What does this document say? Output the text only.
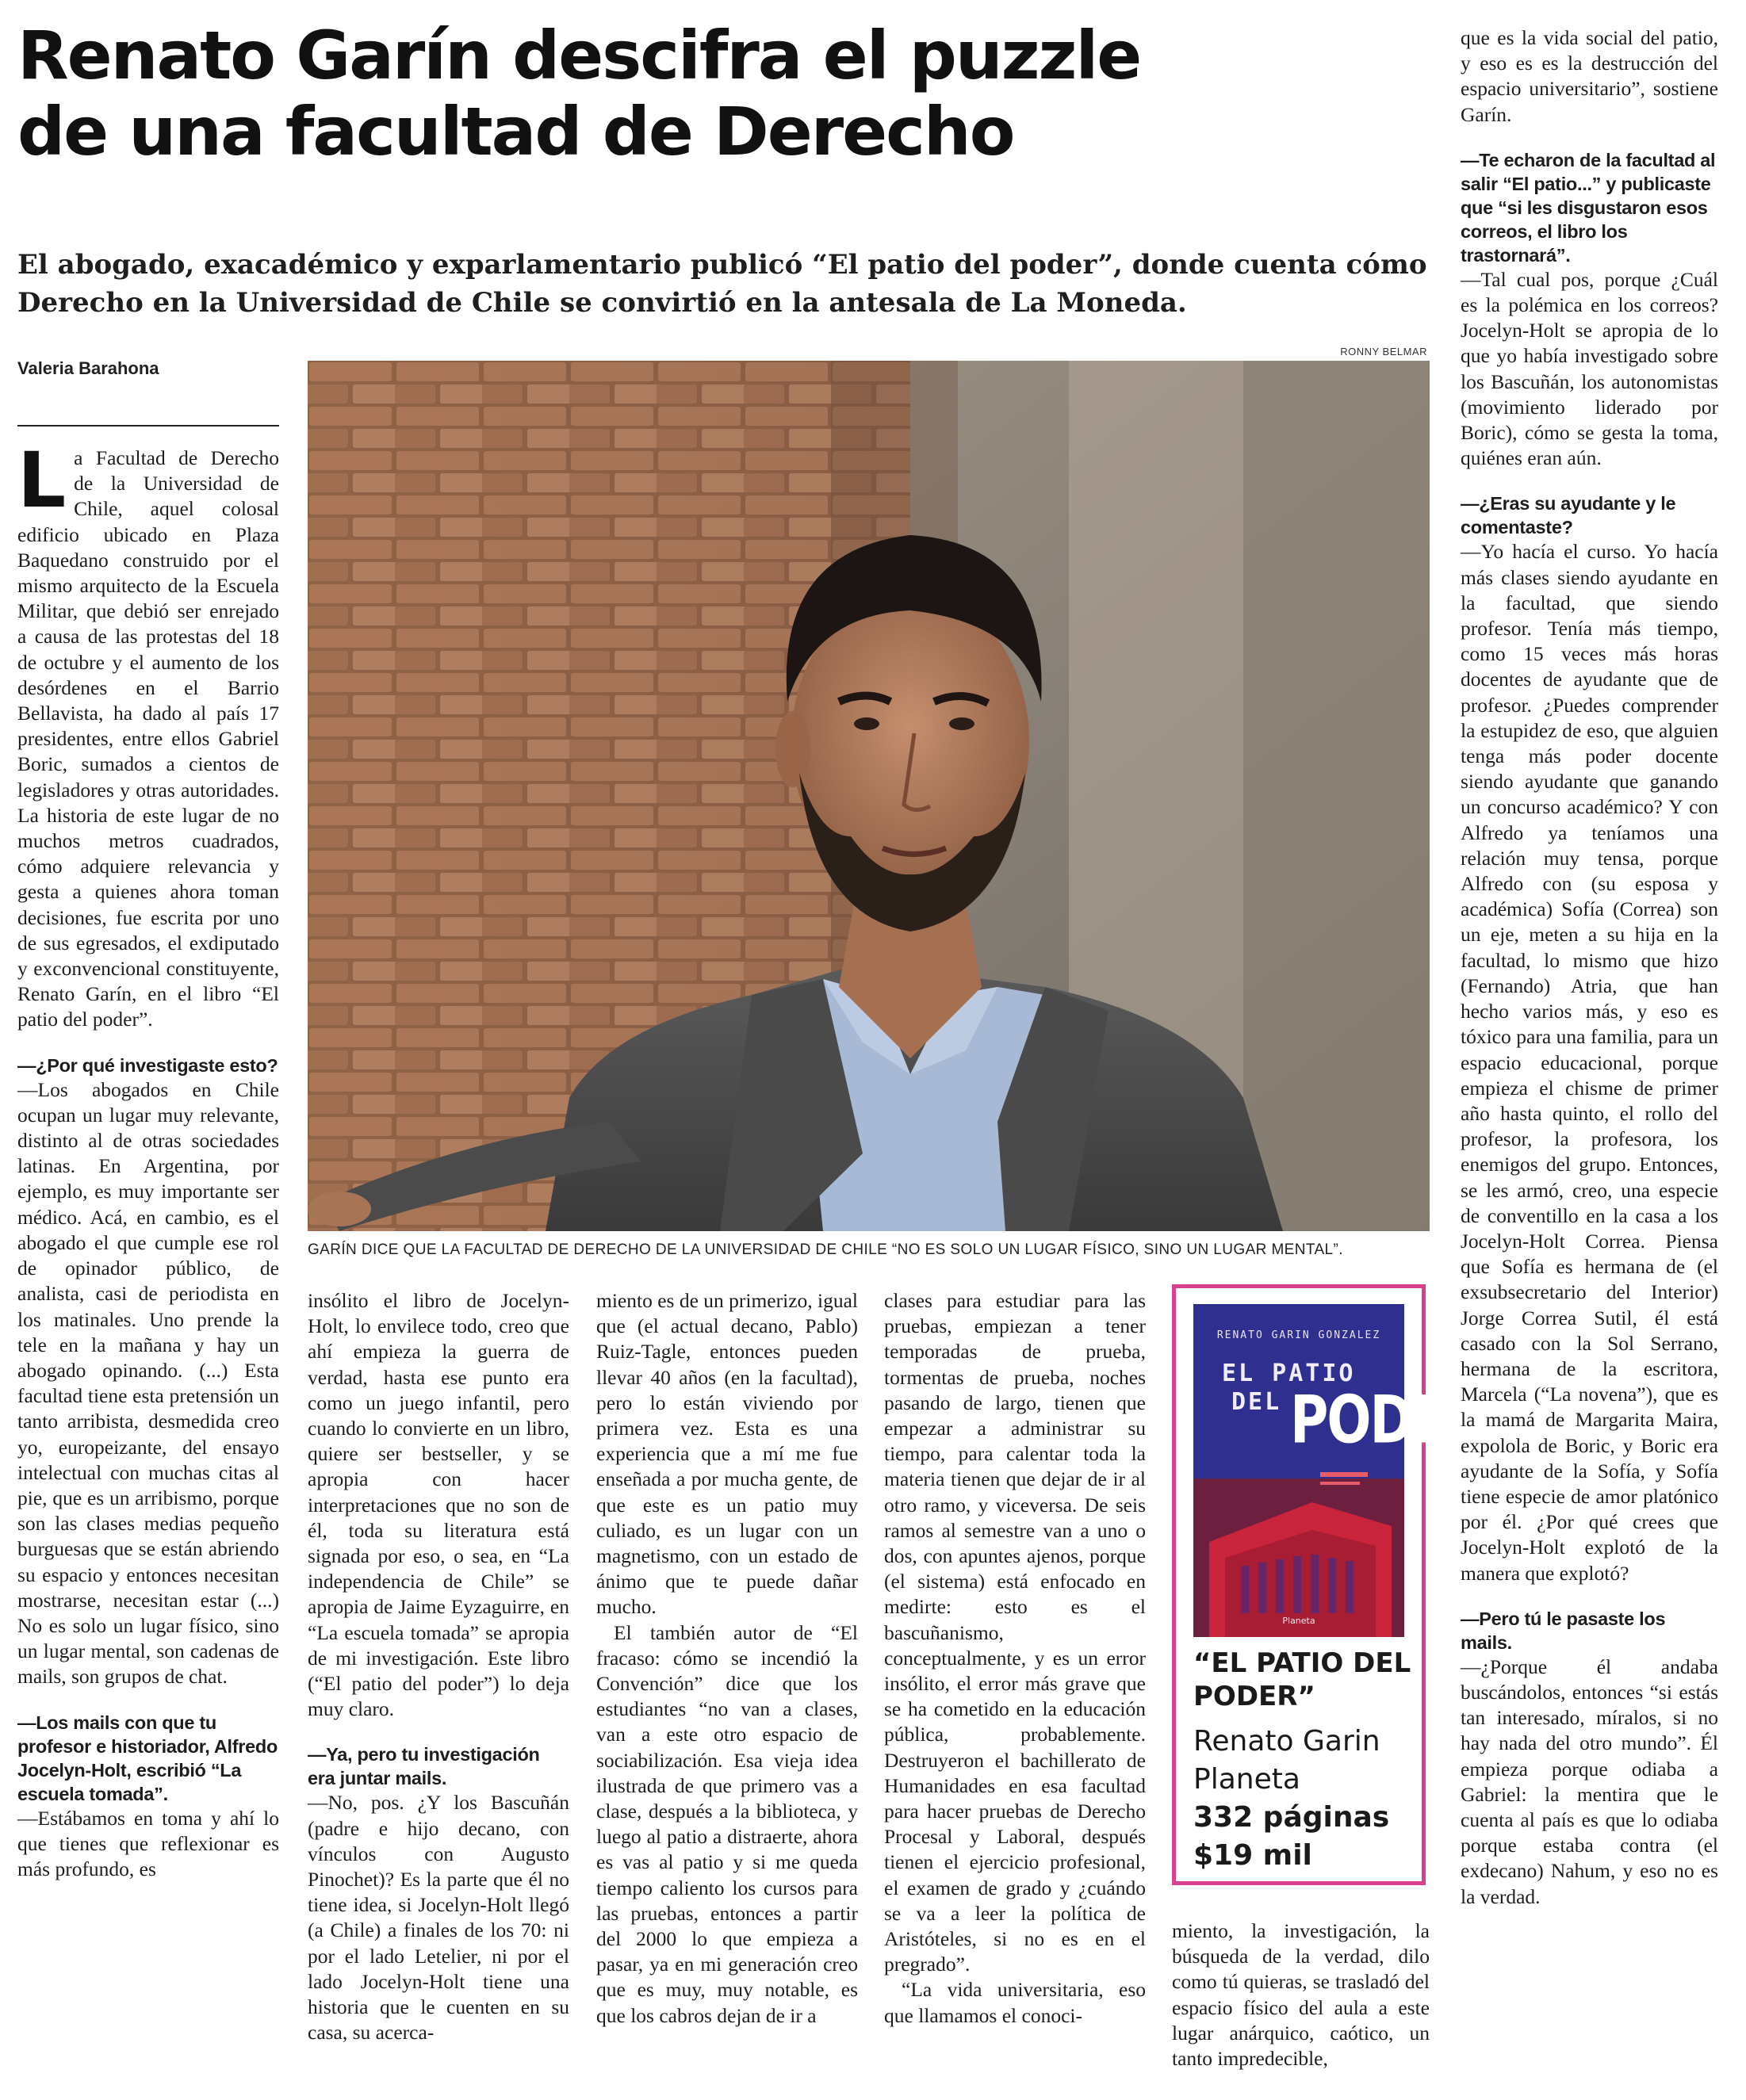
Renato Garín descifra el puzzle
de una facultad de Derecho
El abogado, exacadémico y exparlamentario publicó “El patio del poder”, donde cuenta cómo
Derecho en la Universidad de Chile se convirtió en la antesala de La Moneda.
Valeria Barahona
RONNY BELMAR
GARÍN DICE QUE LA FACULTAD DE DERECHO DE LA UNIVERSIDAD DE CHILE “NO ES SOLO UN LUGAR FÍSICO, SINO UN LUGAR MENTAL”.

La Facultad de Derecho de la Universidad de Chile, aquel colosal edificio ubicado en Plaza Baquedano construido por el mismo arquitecto de la Escuela Militar, que debió ser enrejado a causa de las protestas del 18 de octubre y el aumento de los desórdenes en el Barrio Bellavista, ha dado al país 17 presidentes, entre ellos Gabriel Boric, sumados a cientos de legisladores y otras autoridades. La historia de este lugar de no muchos metros cuadrados, cómo adquiere relevancia y gesta a quienes ahora toman decisiones, fue escrita por uno de sus egresados, el exdiputado y exconvencional constituyente, Renato Garín, en el libro “El patio del poder”.

—¿Por qué investigaste esto?

—Los abogados en Chile ocupan un lugar muy relevante, distinto al de otras sociedades latinas. En Argentina, por ejemplo, es muy importante ser médico. Acá, en cambio, es el abogado el que cumple ese rol de opinador público, de analista, casi de periodista en los matinales. Uno prende la tele en la mañana y hay un abogado opinando. (...) Esta facultad tiene esta pretensión un tanto arribista, desmedida creo yo, europeizante, del ensayo intelectual con muchas citas al pie, que es un arribismo, porque son las clases medias pequeño burguesas que se están abriendo su espacio y entonces necesitan mostrarse, necesitan estar (...) No es solo un lugar físico, sino un lugar mental, son cadenas de mails, son grupos de chat.

—Los mails con que tu profesor e historiador, Alfredo Jocelyn-Holt, escribió “La escuela tomada”.

—Estábamos en toma y ahí lo que tienes que reflexionar es más profundo, es

insólito el libro de Jocelyn-Holt, lo envilece todo, creo que ahí empieza la guerra de verdad, hasta ese punto era como un juego infantil, pero cuando lo convierte en un libro, quiere ser bestseller, y se apropia con hacer interpretaciones que no son de él, toda su literatura está signada por eso, o sea, en “La independencia de Chile” se apropia de Jaime Eyzaguirre, en “La escuela tomada” se apropia de mi investigación. Este libro (“El patio del poder”) lo deja muy claro.

—Ya, pero tu investigación era juntar mails.

—No, pos. ¿Y los Bascuñán (padre e hijo decano, con vínculos con Augusto Pinochet)? Es la parte que él no tiene idea, si Jocelyn-Holt llegó (a Chile) a finales de los 70: ni por el lado Letelier, ni por el lado Jocelyn-Holt tiene una historia que le cuenten en su casa, su acerca-

miento es de un primerizo, igual que (el actual decano, Pablo) Ruiz-Tagle, entonces pueden llevar 40 años (en la facultad), pero lo están viviendo por primera vez. Esta es una experiencia que a mí me fue enseñada a por mucha gente, de que este es un patio muy culiado, es un lugar con un magnetismo, con un estado de ánimo que te puede dañar mucho.

El también autor de “El fracaso: cómo se incendió la Convención” dice que los estudiantes “no van a clases, van a este otro espacio de sociabilización. Esa vieja idea ilustrada de que primero vas a clase, después a la biblioteca, y luego al patio a distraerte, ahora es vas al patio y si me queda tiempo caliento los cursos para las pruebas, entonces a partir del 2000 lo que empieza a pasar, ya en mi generación creo que es muy, muy notable, es que los cabros dejan de ir a

clases para estudiar para las pruebas, empiezan a tener temporadas de prueba, tormentas de prueba, noches pasando de largo, tienen que empezar a administrar su tiempo, para calentar toda la materia tienen que dejar de ir al otro ramo, y viceversa. De seis ramos al semestre van a uno o dos, con apuntes ajenos, porque (el sistema) está enfocado en medirte: esto es el bascuñanismo, conceptualmente, y es un error insólito, el error más grave que se ha cometido en la educación pública, probablemente. Destruyeron el bachillerato de Humanidades en esa facultad para hacer pruebas de Derecho Procesal y Laboral, después tienen el ejercicio profesional, el examen de grado y ¿cuándo se va a leer la política de Aristóteles, si no es en el pregrado”.

“La vida universitaria, eso que llamamos el conoci-

RENATO GARIN GONZALEZ
EL PATIO
DEL PODER
Planeta
“EL PATIO DEL PODER”
Renato Garin
Planeta
332 páginas
$19 mil

miento, la investigación, la búsqueda de la verdad, dilo como tú quieras, se trasladó del espacio físico del aula a este lugar anárquico, caótico, un tanto impredecible,

que es la vida social del patio, y eso es es la destrucción del espacio universitario”, sostiene Garín.

—Te echaron de la facultad al salir “El patio...” y publicaste que “si les disgustaron esos correos, el libro los trastornará”.

—Tal cual pos, porque ¿Cuál es la polémica en los correos? Jocelyn-Holt se apropia de lo que yo había investigado sobre los Bascuñán, los autonomistas (movimiento liderado por Boric), cómo se gesta la toma, quiénes eran aún.

—¿Eras su ayudante y le comentaste?

—Yo hacía el curso. Yo hacía más clases siendo ayudante en la facultad, que siendo profesor. Tenía más tiempo, como 15 veces más horas docentes de ayudante que de profesor. ¿Puedes comprender la estupidez de eso, que alguien tenga más poder docente siendo ayudante que ganando un concurso académico? Y con Alfredo ya teníamos una relación muy tensa, porque Alfredo con (su esposa y académica) Sofía (Correa) son un eje, meten a su hija en la facultad, lo mismo que hizo (Fernando) Atria, que han hecho varios más, y eso es tóxico para una familia, para un espacio educacional, porque empieza el chisme de primer año hasta quinto, el rollo del profesor, la profesora, los enemigos del grupo. Entonces, se les armó, creo, una especie de conventillo en la casa a los Jocelyn-Holt Correa. Piensa que Sofía es hermana de (el exsubsecretario del Interior) Jorge Correa Sutil, él está casado con la Sol Serrano, hermana de la escritora, Marcela (“La novena”), que es la mamá de Margarita Maira, expolola de Boric, y Boric era ayudante de la Sofía, y Sofía tiene especie de amor platónico por él. ¿Por qué crees que Jocelyn-Holt explotó de la manera que explotó?

—Pero tú le pasaste los mails.

—¿Porque él andaba buscándolos, entonces “si estás tan interesado, míralos, si no hay nada del otro mundo”. Él empieza porque odiaba a Gabriel: la mentira que le cuenta al país es que lo odiaba porque estaba contra (el exdecano) Nahum, y eso no es la verdad.
